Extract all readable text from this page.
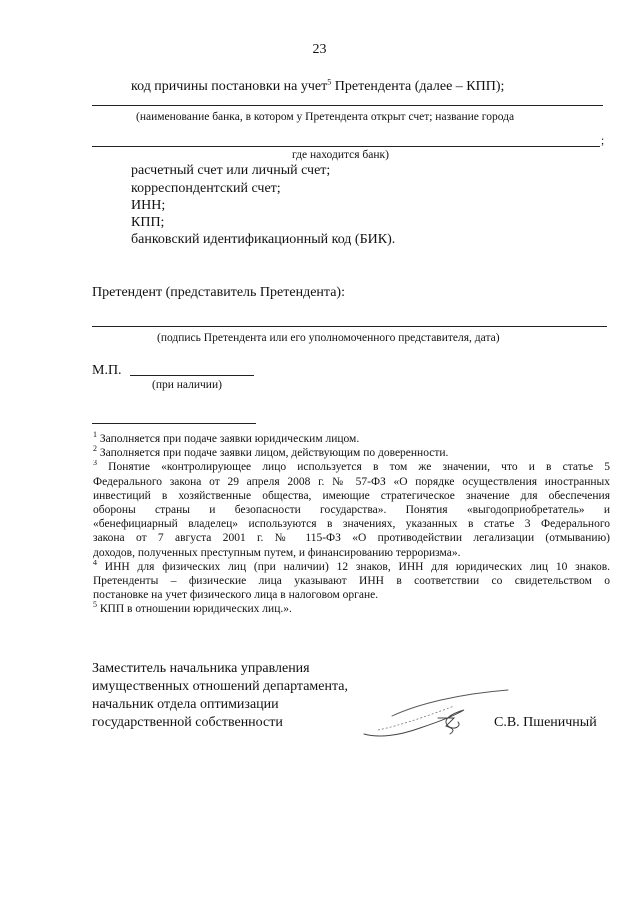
23
код причины постановки на учет$^5$ Претендента (далее – КПП);
(наименование банка, в котором у Претендента открыт счет; название города
;
где находится банк)
расчетный счет или личный счет;
корреспондентский счет;
ИНН;
КПП;
банковский идентификационный код (БИК).
Претендент (представитель Претендента):
(подпись Претендента или его уполномоченного представителя, дата)
М.П.
(при наличии)
$^1$ Заполняется при подаче заявки юридическим лицом.
$^2$ Заполняется при подаче заявки лицом, действующим по доверенности.
$^3$ Понятие «контролирующее лицо используется в том же значении, что и в статье 5
Федерального закона от 29 апреля 2008 г. № 57-ФЗ «О порядке осуществления иностранных
инвестиций в хозяйственные общества, имеющие стратегическое значение для обеспечения
обороны страны и безопасности государства». Понятия «выгодоприобретатель» и
«бенефициарный владелец» используются в значениях, указанных в статье 3 Федерального
закона от 7 августа 2001 г. № 115-ФЗ «О противодействии легализации (отмыванию)
доходов, полученных преступным путем, и финансированию терроризма».
$^4$ ИНН для физических лиц (при наличии) 12 знаков, ИНН для юридических лиц 10 знаков.
Претенденты – физические лица указывают ИНН в соответствии со свидетельством о
постановке на учет физического лица в налоговом органе.
$^5$ КПП в отношении юридических лиц.».
Заместитель начальника управления
имущественных отношений департамента,
начальник отдела оптимизации
государственной собственности	С.В. Пшеничный
